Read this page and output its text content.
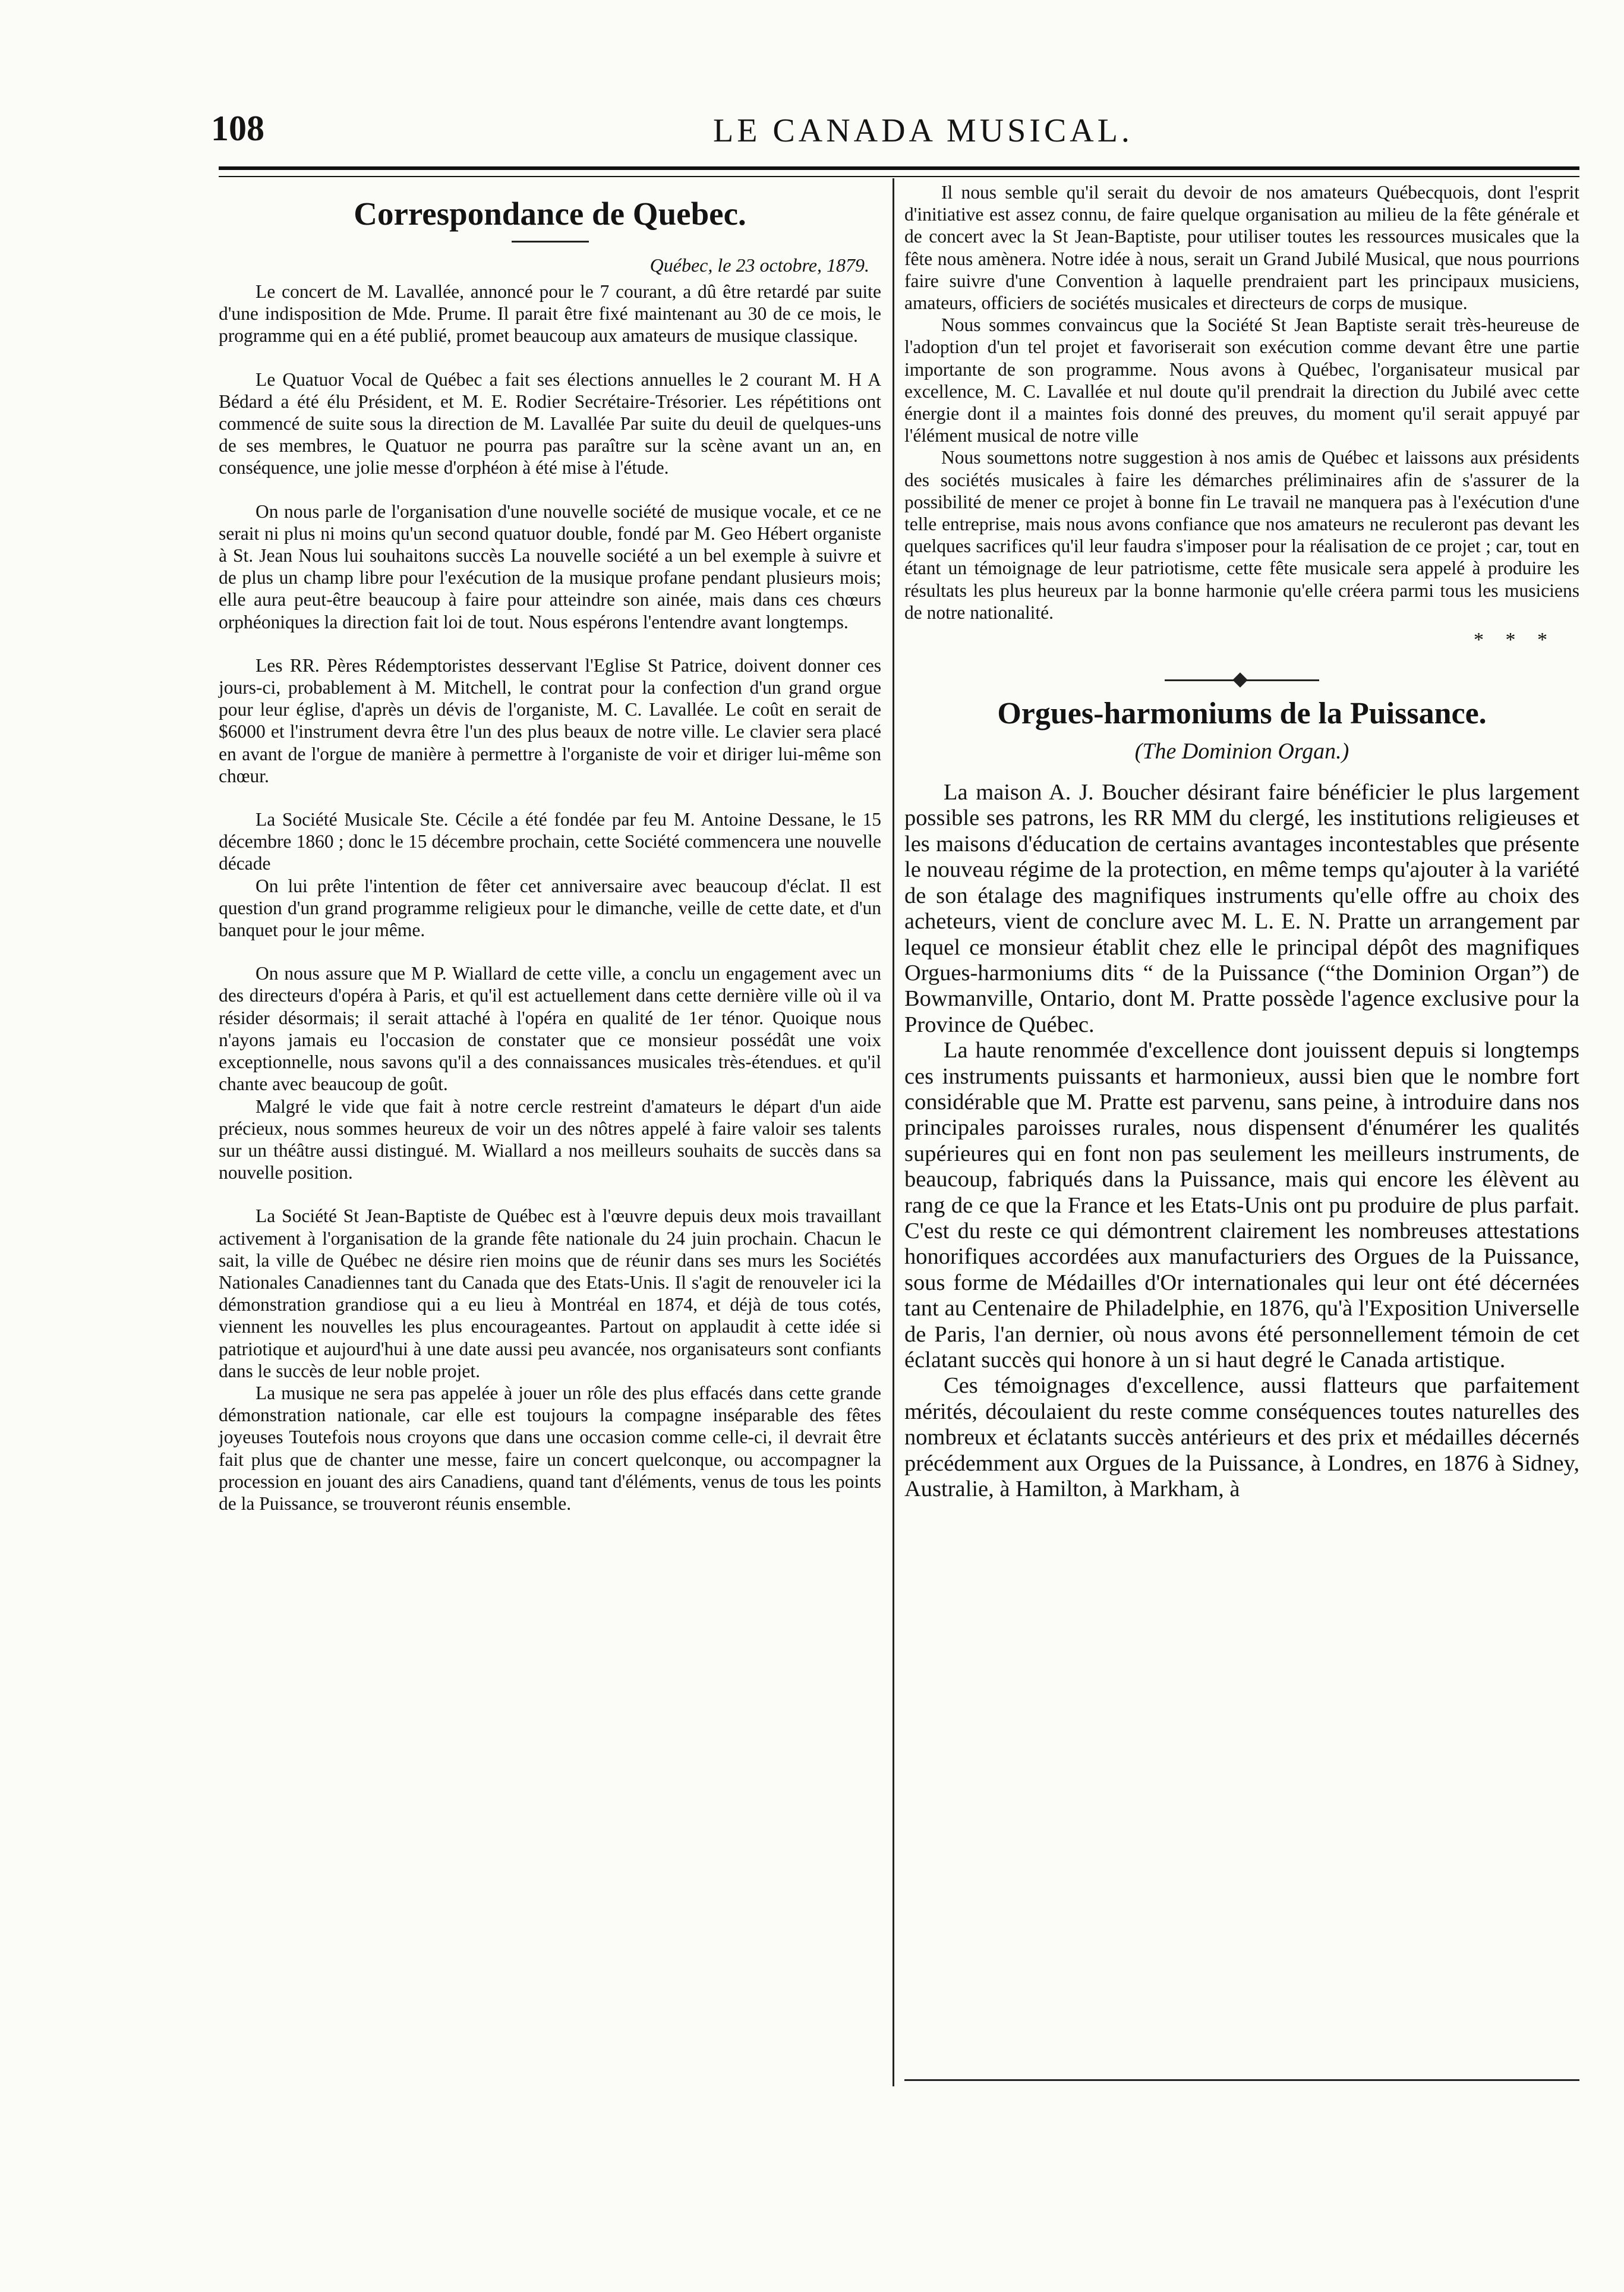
108	LE CANADA MUSICAL.
Correspondance de Quebec.
Québec, le 23 octobre, 1879.

Le concert de M. Lavallée, annoncé pour le 7 courant, a dû être retardé par suite d'une indisposition de Mde. Prume. Il parait être fixé maintenant au 30 de ce mois, le programme qui en a été publié, promet beaucoup aux amateurs de musique classique.

Le Quatuor Vocal de Québec a fait ses élections annuelles le 2 courant M. H A Bédard a été élu Président, et M. E. Rodier Secrétaire-Trésorier. Les répétitions ont commencé de suite sous la direction de M. Lavallée Par suite du deuil de quelques-uns de ses membres, le Quatuor ne pourra pas paraître sur la scène avant un an, en conséquence, une jolie messe d'orphéon à été mise à l'étude.

On nous parle de l'organisation d'une nouvelle société de musique vocale, et ce ne serait ni plus ni moins qu'un second quatuor double, fondé par M. Geo Hébert organiste à St. Jean Nous lui souhaitons succès La nouvelle société a un bel exemple à suivre et de plus un champ libre pour l'exécution de la musique profane pendant plusieurs mois; elle aura peut-être beaucoup à faire pour atteindre son ainée, mais dans ces chœurs orphéoniques la direction fait loi de tout. Nous espérons l'entendre avant longtemps.

Les RR. Pères Rédemptoristes desservant l'Eglise St Patrice, doivent donner ces jours-ci, probablement à M. Mitchell, le contrat pour la confection d'un grand orgue pour leur église, d'après un dévis de l'organiste, M. C. Lavallée. Le coût en serait de $6000 et l'instrument devra être l'un des plus beaux de notre ville. Le clavier sera placé en avant de l'orgue de manière à permettre à l'organiste de voir et diriger lui-même son chœur.

La Société Musicale Ste. Cécile a été fondée par feu M. Antoine Dessane, le 15 décembre 1860 ; donc le 15 décembre prochain, cette Société commencera une nouvelle décade

On lui prête l'intention de fêter cet anniversaire avec beaucoup d'éclat. Il est question d'un grand programme religieux pour le dimanche, veille de cette date, et d'un banquet pour le jour même.

On nous assure que M P. Wiallard de cette ville, a conclu un engagement avec un des directeurs d'opéra à Paris, et qu'il est actuellement dans cette dernière ville où il va résider désormais; il serait attaché à l'opéra en qualité de 1er ténor. Quoique nous n'ayons jamais eu l'occasion de constater que ce monsieur possédât une voix exceptionnelle, nous savons qu'il a des connaissances musicales très-étendues. et qu'il chante avec beaucoup de goût.

Malgré le vide que fait à notre cercle restreint d'amateurs le départ d'un aide précieux, nous sommes heureux de voir un des nôtres appelé à faire valoir ses talents sur un théâtre aussi distingué. M. Wiallard a nos meilleurs souhaits de succès dans sa nouvelle position.

La Société St Jean-Baptiste de Québec est à l'œuvre depuis deux mois travaillant activement à l'organisation de la grande fête nationale du 24 juin prochain. Chacun le sait, la ville de Québec ne désire rien moins que de réunir dans ses murs les Sociétés Nationales Canadiennes tant du Canada que des Etats-Unis. Il s'agit de renouveler ici la démonstration grandiose qui a eu lieu à Montréal en 1874, et déjà de tous cotés, viennent les nouvelles les plus encourageantes. Partout on applaudit à cette idée si patriotique et aujourd'hui à une date aussi peu avancée, nos organisateurs sont confiants dans le succès de leur noble projet.

La musique ne sera pas appelée à jouer un rôle des plus effacés dans cette grande démonstration nationale, car elle est toujours la compagne inséparable des fêtes joyeuses Toutefois nous croyons que dans une occasion comme celle-ci, il devrait être fait plus que de chanter une messe, faire un concert quelconque, ou accompagner la procession en jouant des airs Canadiens, quand tant d'éléments, venus de tous les points de la Puissance, se trouveront réunis ensemble.

Il nous semble qu'il serait du devoir de nos amateurs Québecquois, dont l'esprit d'initiative est assez connu, de faire quelque organisation au milieu de la fête générale et de concert avec la St Jean-Baptiste, pour utiliser toutes les ressources musicales que la fête nous amènera. Notre idée à nous, serait un Grand Jubilé Musical, que nous pourrions faire suivre d'une Convention à laquelle prendraient part les principaux musiciens, amateurs, officiers de sociétés musicales et directeurs de corps de musique.

Nous sommes convaincus que la Société St Jean Baptiste serait très-heureuse de l'adoption d'un tel projet et favoriserait son exécution comme devant être une partie importante de son programme. Nous avons à Québec, l'organisateur musical par excellence, M. C. Lavallée et nul doute qu'il prendrait la direction du Jubilé avec cette énergie dont il a maintes fois donné des preuves, du moment qu'il serait appuyé par l'élément musical de notre ville

Nous soumettons notre suggestion à nos amis de Québec et laissons aux présidents des sociétés musicales à faire les démarches préliminaires afin de s'assurer de la possibilité de mener ce projet à bonne fin Le travail ne manquera pas à l'exécution d'une telle entreprise, mais nous avons confiance que nos amateurs ne reculeront pas devant les quelques sacrifices qu'il leur faudra s'imposer pour la réalisation de ce projet ; car, tout en étant un témoignage de leur patriotisme, cette fête musicale sera appelé à produire les résultats les plus heureux par la bonne harmonie qu'elle créera parmi tous les musiciens de notre nationalité.

* * *
Orgues-harmoniums de la Puissance.
(The Dominion Organ.)

La maison A. J. Boucher désirant faire bénéficier le plus largement possible ses patrons, les RR MM du clergé, les institutions religieuses et les maisons d'éducation de certains avantages incontestables que présente le nouveau régime de la protection, en même temps qu'ajouter à la variété de son étalage des magnifiques instruments qu'elle offre au choix des acheteurs, vient de conclure avec M. L. E. N. Pratte un arrangement par lequel ce monsieur établit chez elle le principal dépôt des magnifiques Orgues-harmoniums dits “ de la Puissance (“the Dominion Organ”) de Bowmanville, Ontario, dont M. Pratte possède l'agence exclusive pour la Province de Québec.

La haute renommée d'excellence dont jouissent depuis si longtemps ces instruments puissants et harmonieux, aussi bien que le nombre fort considérable que M. Pratte est parvenu, sans peine, à introduire dans nos principales paroisses rurales, nous dispensent d'énumérer les qualités supérieures qui en font non pas seulement les meilleurs instruments, de beaucoup, fabriqués dans la Puissance, mais qui encore les élèvent au rang de ce que la France et les Etats-Unis ont pu produire de plus parfait. C'est du reste ce qui démontrent clairement les nombreuses attestations honorifiques accordées aux manufacturiers des Orgues de la Puissance, sous forme de Médailles d'Or internationales qui leur ont été décernées tant au Centenaire de Philadelphie, en 1876, qu'à l'Exposition Universelle de Paris, l'an dernier, où nous avons été personnellement témoin de cet éclatant succès qui honore à un si haut degré le Canada artistique.

Ces témoignages d'excellence, aussi flatteurs que parfaitement mérités, découlaient du reste comme conséquences toutes naturelles des nombreux et éclatants succès antérieurs et des prix et médailles décernés précédemment aux Orgues de la Puissance, à Londres, en 1876 à Sidney, Australie, à Hamilton, à Markham, à
